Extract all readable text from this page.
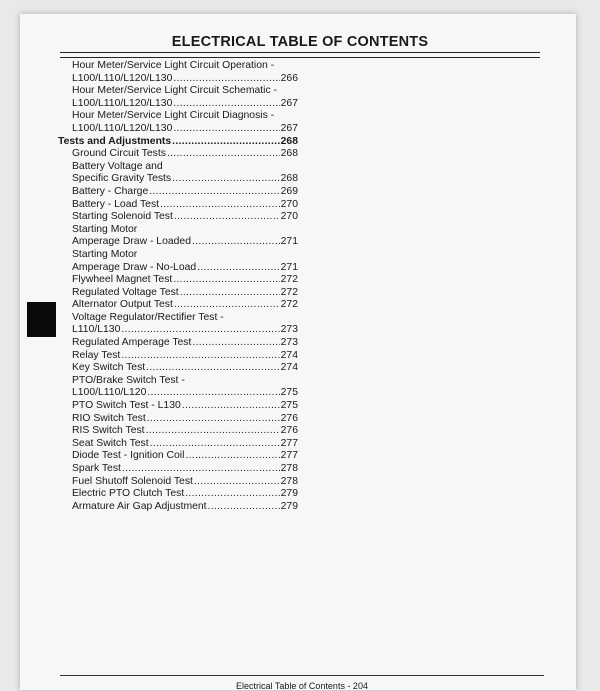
ELECTRICAL TABLE OF CONTENTS
Hour Meter/Service Light Circuit Operation -
L100/L110/L120/L130 .....	266
Hour Meter/Service Light Circuit Schematic -
L100/L110/L120/L130 .....	267
Hour Meter/Service Light Circuit Diagnosis -
L100/L110/L120/L130 .....	267
Tests and Adjustments .....	268
Ground Circuit Tests .....	268
Battery Voltage and
Specific Gravity Tests .....	268
Battery - Charge .....	269
Battery - Load Test .....	270
Starting Solenoid Test .....	270
Starting Motor
Amperage Draw - Loaded .....	271
Starting Motor
Amperage Draw - No-Load .....	271
Flywheel Magnet Test .....	272
Regulated Voltage Test .....	272
Alternator Output Test .....	272
Voltage Regulator/Rectifier Test -
L110/L130 .....	273
Regulated Amperage Test .....	273
Relay Test .....	274
Key Switch Test .....	274
PTO/Brake Switch Test -
L100/L110/L120 .....	275
PTO Switch Test - L130 .....	275
RIO Switch Test .....	276
RIS Switch Test .....	276
Seat Switch Test .....	277
Diode Test - Ignition Coil .....	277
Spark Test .....	278
Fuel Shutoff Solenoid Test .....	278
Electric PTO Clutch Test .....	279
Armature Air Gap Adjustment .....	279
Electrical Table of Contents - 204
